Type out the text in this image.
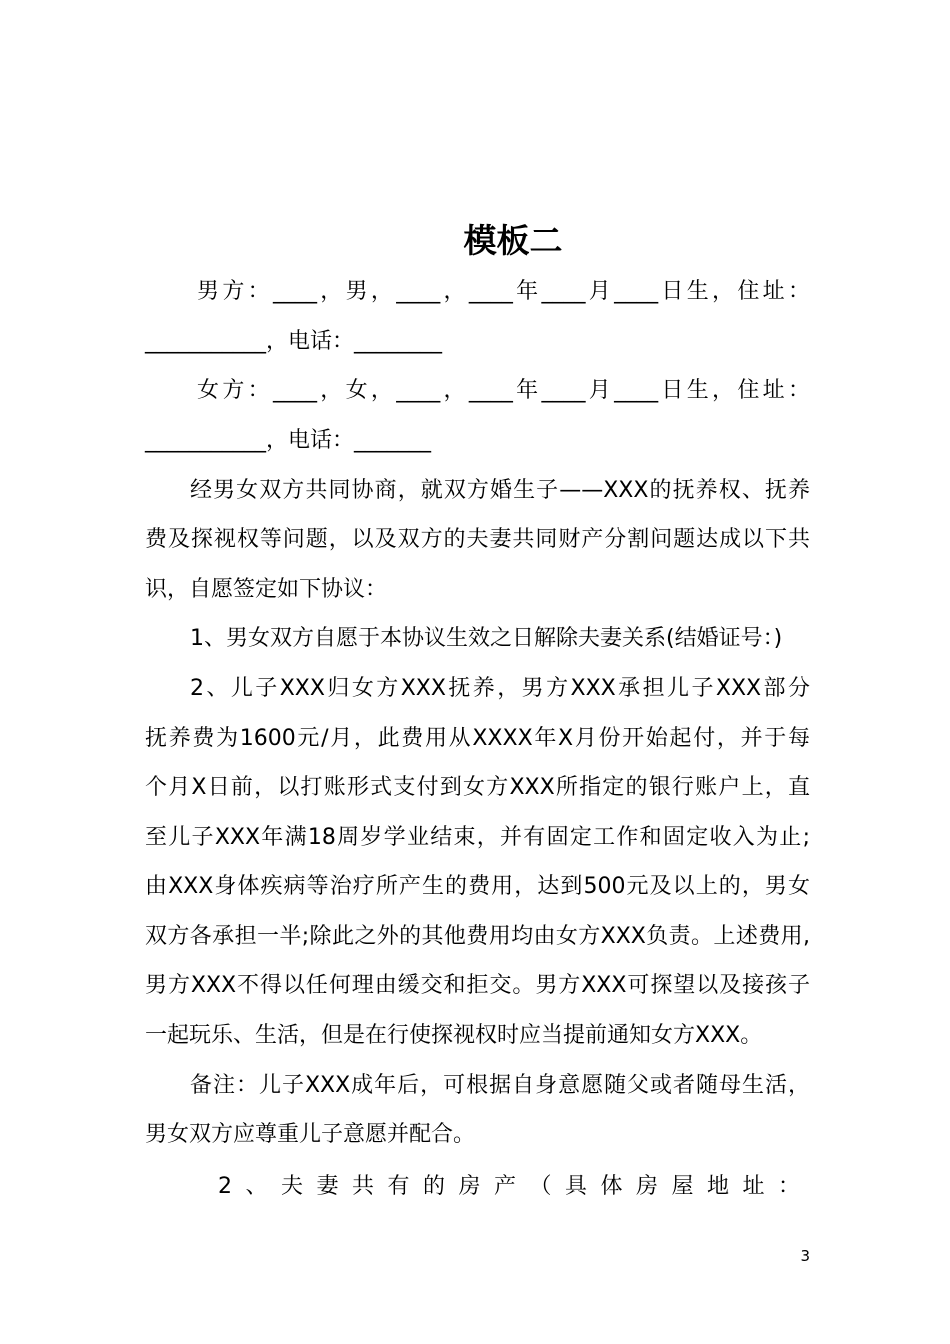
模板二
男方：____，男，____，____年____月____日生，住址：
___________，电话：________
女方：____，女，____，____年____月____日生，住址：
___________，电话：_______
经男女双方共同协商，就双方婚生子——XXX的抚养权、抚养
费及探视权等问题，以及双方的夫妻共同财产分割问题达成以下共
识，自愿签定如下协议：
1、男女双方自愿于本协议生效之日解除夫妻关系(结婚证号：)
2、儿子XXX归女方XXX抚养，男方XXX承担儿子XXX部分
抚养费为1600元/月，此费用从XXXX年X月份开始起付，并于每
个月X日前，以打账形式支付到女方XXX所指定的银行账户上，直
至儿子XXX年满18周岁学业结束，并有固定工作和固定收入为止;
由XXX身体疾病等治疗所产生的费用，达到500元及以上的，男女
双方各承担一半;除此之外的其他费用均由女方XXX负责。上述费用,
男方XXX不得以任何理由缓交和拒交。男方XXX可探望以及接孩子
一起玩乐、生活，但是在行使探视权时应当提前通知女方XXX。
备注：儿子XXX成年后，可根据自身意愿随父或者随母生活，
男女双方应尊重儿子意愿并配合。
2、夫妻共有的房产（具体房屋地址：
3
